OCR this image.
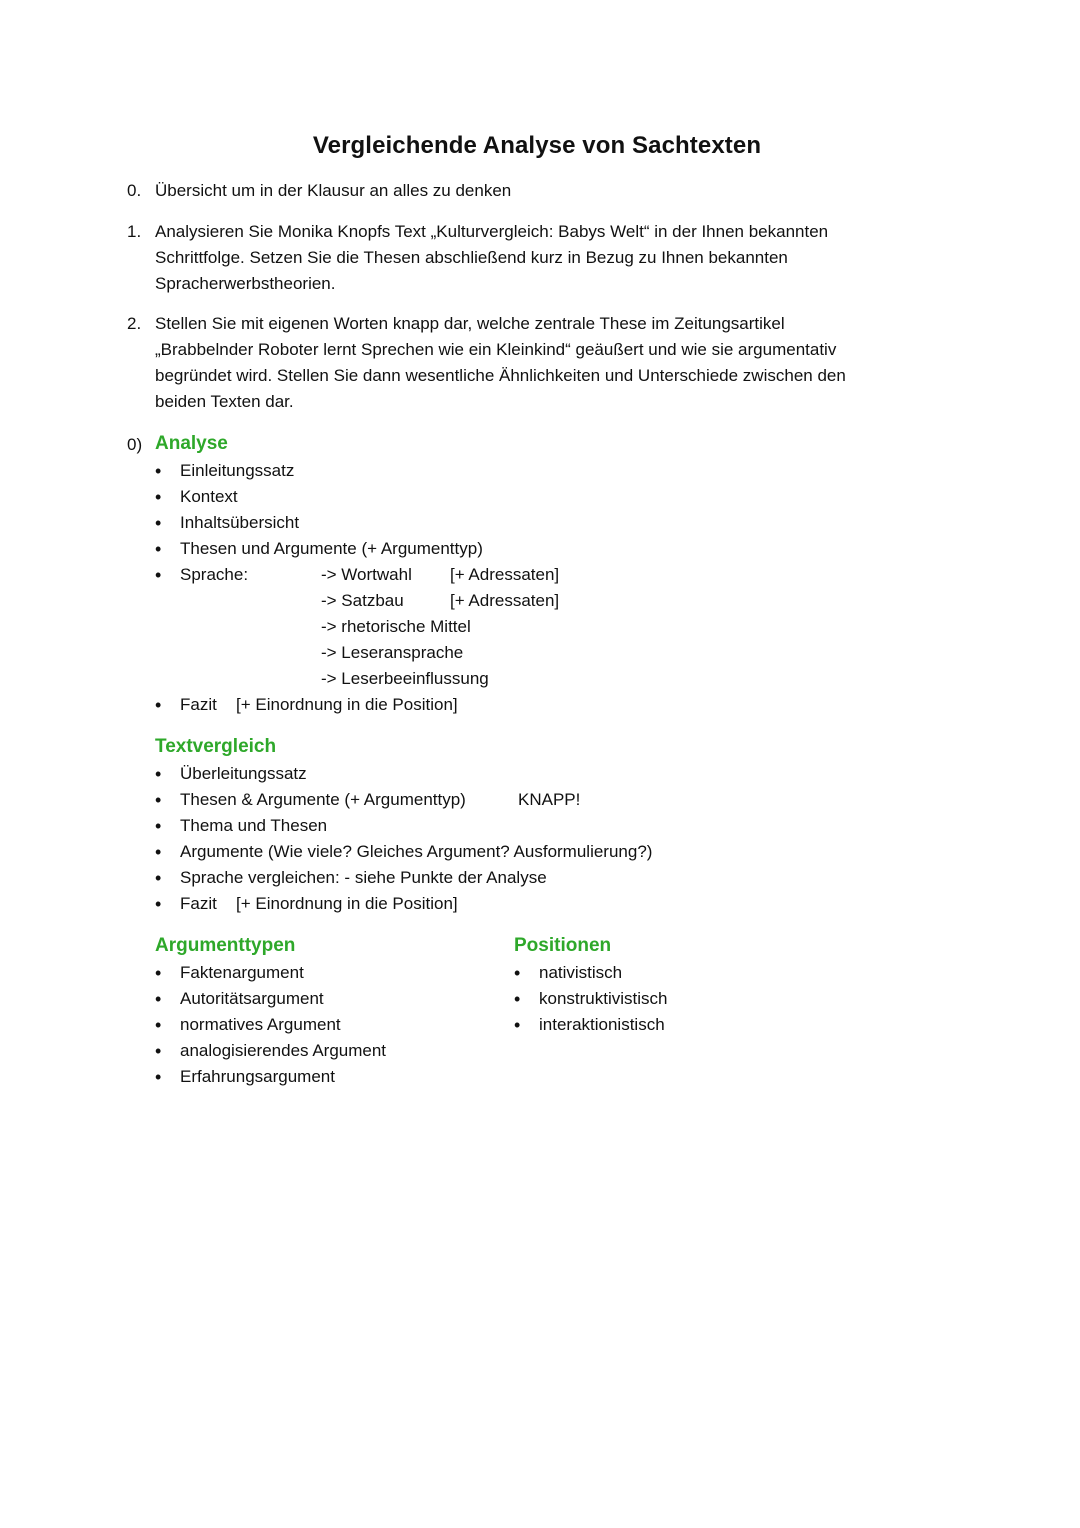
Vergleichende Analyse von Sachtexten
0. Übersicht um in der Klausur an alles zu denken
1. Analysieren Sie Monika Knopfs Text „Kulturvergleich: Babys Welt“ in der Ihnen bekannten Schrittfolge. Setzen Sie die Thesen abschließend kurz in Bezug zu Ihnen bekannten Spracherwerbstheorien.
2. Stellen Sie mit eigenen Worten knapp dar, welche zentrale These im Zeitungsartikel „Brabbelnder Roboter lernt Sprechen wie ein Kleinkind“ geäußert und wie sie argumentativ begründet wird. Stellen Sie dann wesentliche Ähnlichkeiten und Unterschiede zwischen den beiden Texten dar.
0) Analyse
• Einleitungssatz
• Kontext
• Inhaltsübersicht
• Thesen und Argumente (+ Argumenttyp)
• Sprache:	-> Wortwahl [+ Adressaten]
-> Satzbau	[+ Adressaten]
-> rhetorische Mittel
-> Leseransprache
-> Leserbeeinflussung
• Fazit [+ Einordnung in die Position]
Textvergleich
• Überleitungssatz
• Thesen & Argumente (+ Argumenttyp)
• Thema und Thesen
• Argumente (Wie viele? Gleiches Argument? Ausformulierung?)
• Sprache vergleichen: - siehe Punkte der Analyse
• Fazit [+ Einordnung in die Position]
KNAPP!
Argumenttypen
• Faktenargument
• Autoritätsargument
• normatives Argument
• analogisierendes Argument
• Erfahrungsargument
Positionen
• nativistisch
• konstruktivistisch
• interaktionistisch
